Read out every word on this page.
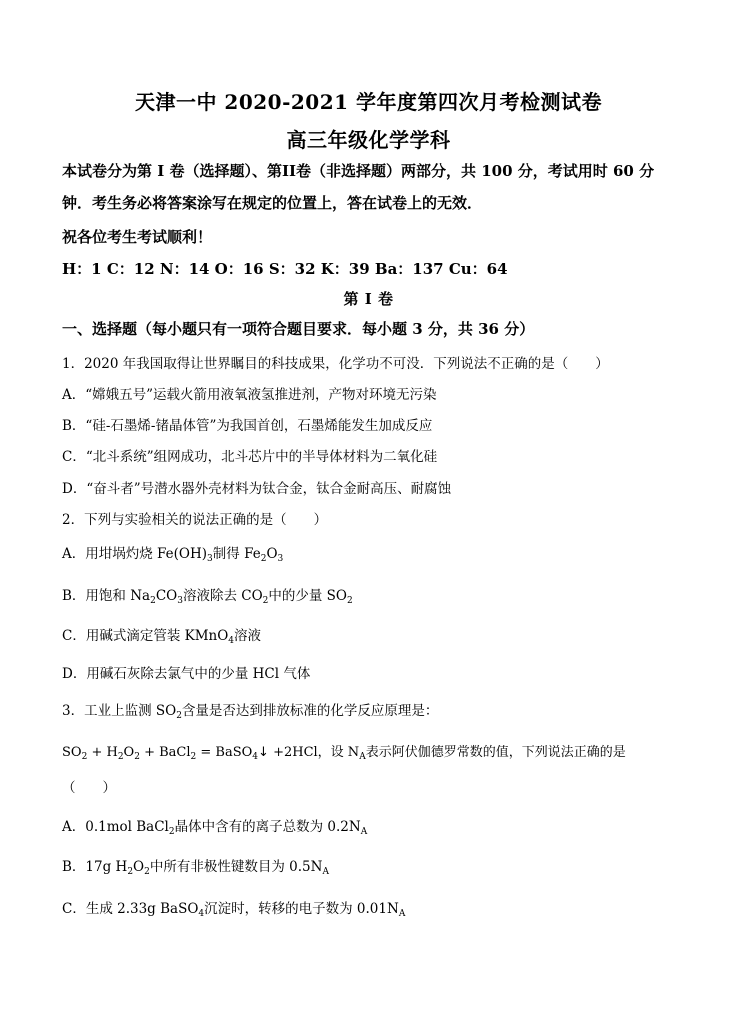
天津一中 2020-2021 学年度第四次月考检测试卷
高三年级化学学科
本试卷分为第 I 卷（选择题）、第II卷（非选择题）两部分，共 100 分，考试用时 60 分
钟．考生务必将答案涂写在规定的位置上，答在试卷上的无效．
祝各位考生考试顺利！
H：1 C：12 N：14 O：16 S：32 K：39 Ba：137 Cu：64
第 I 卷
一、选择题（每小题只有一项符合题目要求．每小题 3 分，共 36 分）
1．2020 年我国取得让世界瞩目的科技成果，化学功不可没．下列说法不正确的是（　　）
A．“嫦娥五号”运载火箭用液氧液氢推进剂，产物对环境无污染
B．“硅-石墨烯-锗晶体管”为我国首创，石墨烯能发生加成反应
C．“北斗系统”组网成功，北斗芯片中的半导体材料为二氧化硅
D．“奋斗者”号潜水器外壳材料为钛合金，钛合金耐高压、耐腐蚀
2．下列与实验相关的说法正确的是（　　）
A．用坩埚灼烧 $Fe(OH)_3$制得 $Fe_2O_3$
B．用饱和 $Na_2CO_3$溶液除去 $CO_2$中的少量 $SO_2$
C．用碱式滴定管装 KMnO$_4$溶液
D．用碱石灰除去氯气中的少量 HCl 气体
3．工业上监测 $SO_2$含量是否达到排放标准的化学反应原理是：
$SO_2 + H_2O_2$ + BaCl$_2$ = BaSO$_4$↓ +2HCl，设 $N_A$表示阿伏伽德罗常数的值，下列说法正确的是
（　　）
A．0.1mol BaCl$_2$晶体中含有的离子总数为 $0.2N_A$
B．17g $H_2O_2$中所有非极性键数目为 $0.5N_A$
C．生成 2.33g BaSO$_4$沉淀时，转移的电子数为 $0.01N_A$
